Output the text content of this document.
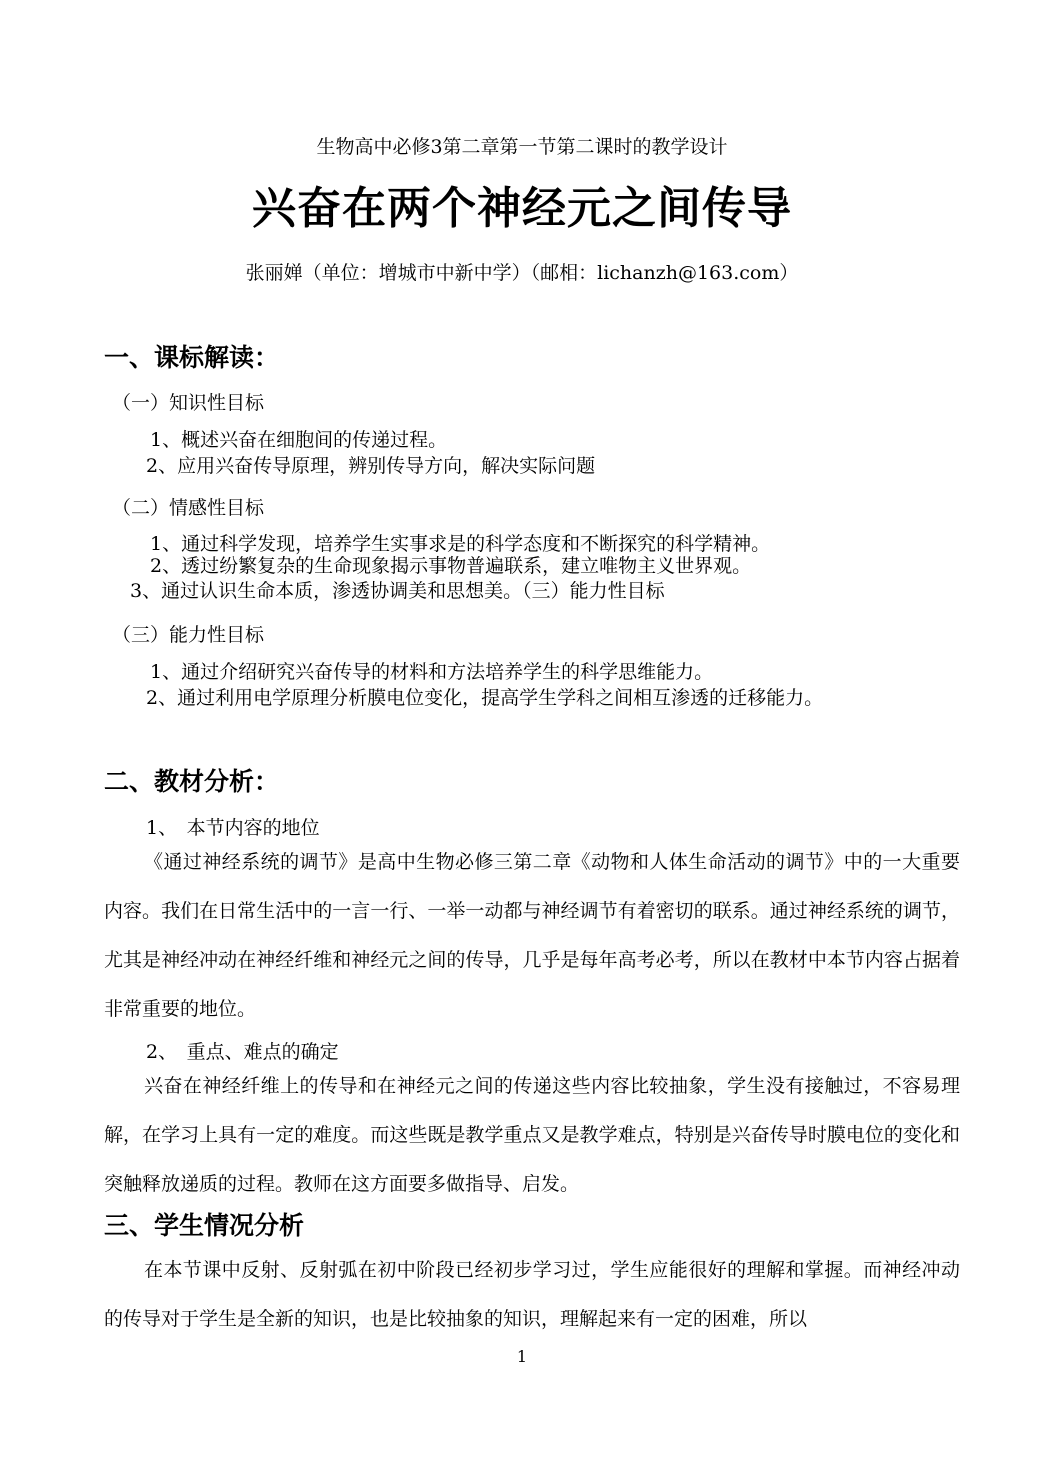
生物高中必修3第二章第一节第二课时的教学设计

兴奋在两个神经元之间传导

张丽婵（单位：增城市中新中学）（邮相：lichanzh@163.com）

一、课标解读：

（一）知识性目标

1、概述兴奋在细胞间的传递过程。

2、应用兴奋传导原理，辨别传导方向，解决实际问题

（二）情感性目标

1、通过科学发现，培养学生实事求是的科学态度和不断探究的科学精神。

2、透过纷繁复杂的生命现象揭示事物普遍联系，建立唯物主义世界观。

3、通过认识生命本质，渗透协调美和思想美。（三）能力性目标

（三）能力性目标

1、通过介绍研究兴奋传导的材料和方法培养学生的科学思维能力。

2、通过利用电学原理分析膜电位变化，提高学生学科之间相互渗透的迁移能力。

二、教材分析：

1、　本节内容的地位

《通过神经系统的调节》是高中生物必修三第二章《动物和人体生命活动的调节》中的一大重要内容。我们在日常生活中的一言一行、一举一动都与神经调节有着密切的联系。通过神经系统的调节，尤其是神经冲动在神经纤维和神经元之间的传导，几乎是每年高考必考，所以在教材中本节内容占据着非常重要的地位。

2、　重点、难点的确定

兴奋在神经纤维上的传导和在神经元之间的传递这些内容比较抽象，学生没有接触过，不容易理解，在学习上具有一定的难度。而这些既是教学重点又是教学难点，特别是兴奋传导时膜电位的变化和突触释放递质的过程。教师在这方面要多做指导、启发。

三、学生情况分析

在本节课中反射、反射弧在初中阶段已经初步学习过，学生应能很好的理解和掌握。而神经冲动的传导对于学生是全新的知识，也是比较抽象的知识，理解起来有一定的困难，所以

1
